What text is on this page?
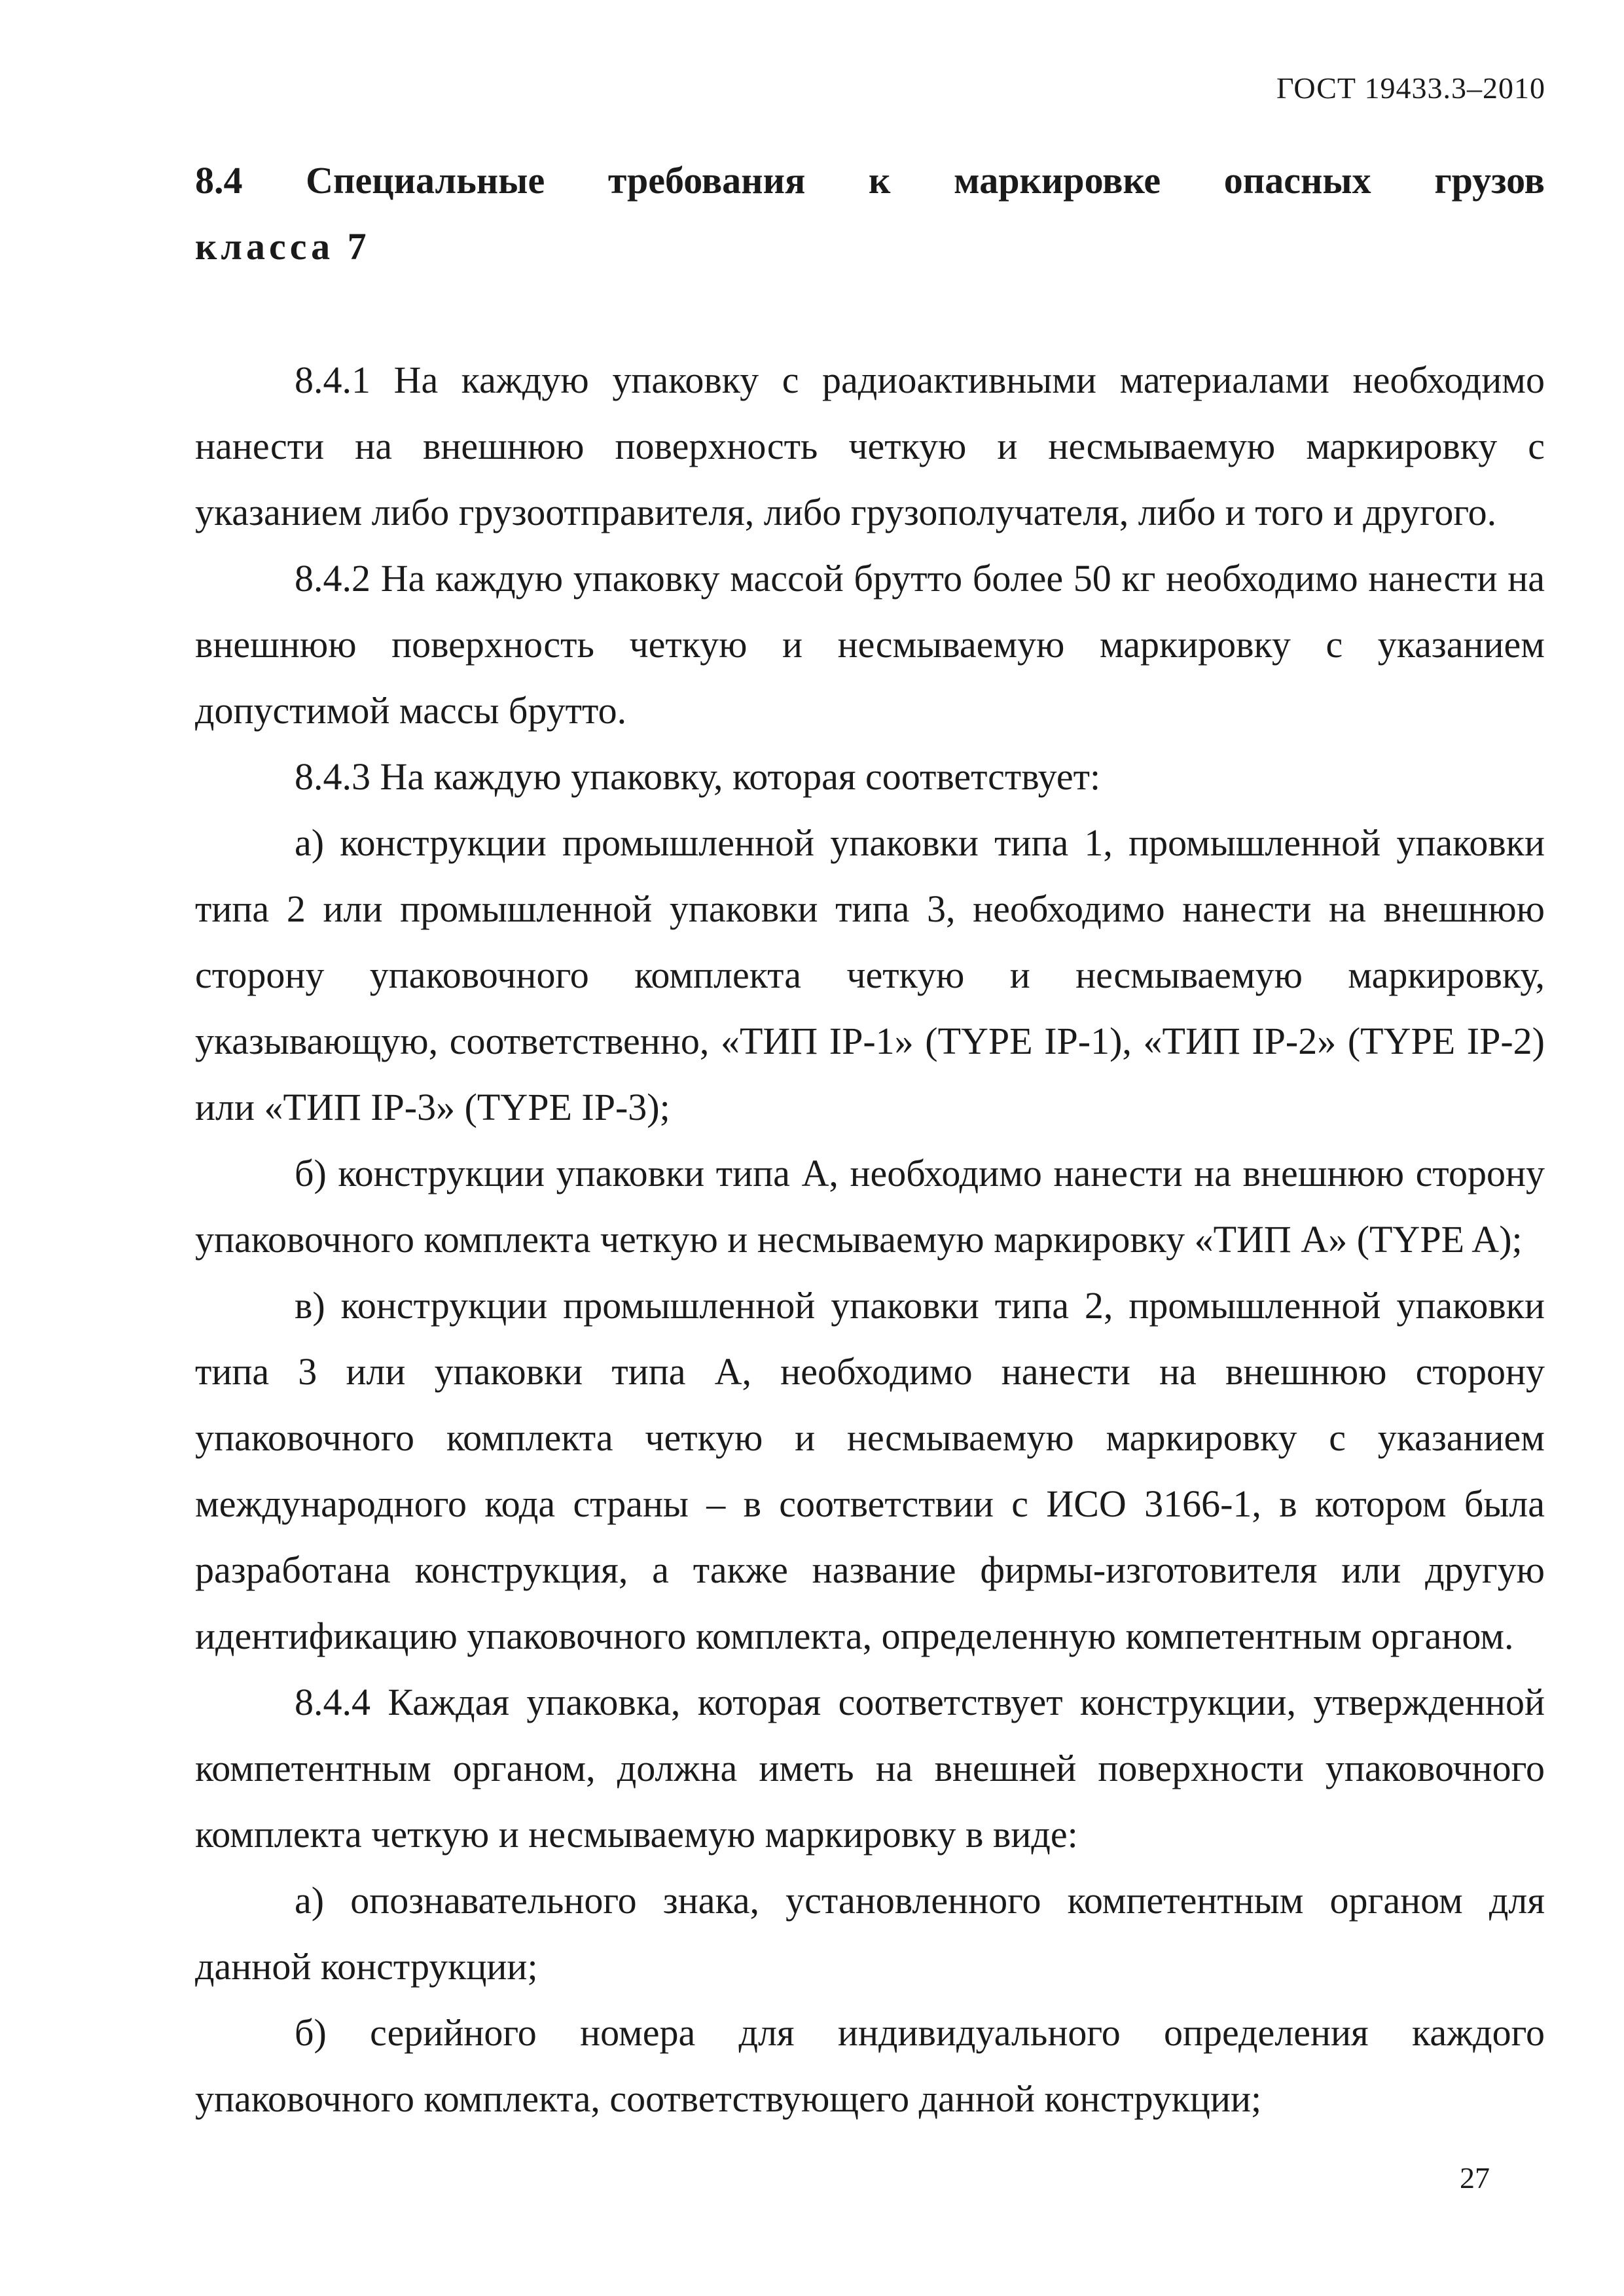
ГОСТ 19433.3–2010

8.4 Специальные требования к маркировке опасных грузов

класса 7

8.4.1 На каждую упаковку с радиоактивными материалами необходимо нанести на внешнюю поверхность четкую и несмываемую маркировку с указанием либо грузоотправителя, либо грузополучателя, либо и того и другого.

8.4.2 На каждую упаковку массой брутто более 50 кг необходимо нанести на внешнюю поверхность четкую и несмываемую маркировку с указанием допустимой массы брутто.

8.4.3 На каждую упаковку, которая соответствует:

а) конструкции промышленной упаковки типа 1, промышленной упаковки типа 2 или промышленной упаковки типа 3, необходимо нанести на внешнюю сторону упаковочного комплекта четкую и несмываемую маркировку, указывающую, соответственно, «ТИП IP-1» (TYPE IP-1), «ТИП IP-2» (TYPE IP-2) или «ТИП IP-3» (TYPE IP-3);

б) конструкции упаковки типа A, необходимо нанести на внешнюю сторону упаковочного комплекта четкую и несмываемую маркировку «ТИП А» (TYPE A);

в) конструкции промышленной упаковки типа 2, промышленной упаковки типа 3 или упаковки типа А, необходимо нанести на внешнюю сторону упаковочного комплекта четкую и несмываемую маркировку с указанием международного кода страны – в соответствии с ИСО 3166-1, в котором была разработана конструкция, а также название фирмы-изготовителя или другую идентификацию упаковочного комплекта, определенную компетентным органом.

8.4.4 Каждая упаковка, которая соответствует конструкции, утвержденной компетентным органом, должна иметь на внешней поверхности упаковочного комплекта четкую и несмываемую маркировку в виде:

а) опознавательного знака, установленного компетентным органом для данной конструкции;

б) серийного номера для индивидуального определения каждого упаковочного комплекта, соответствующего данной конструкции;

27
